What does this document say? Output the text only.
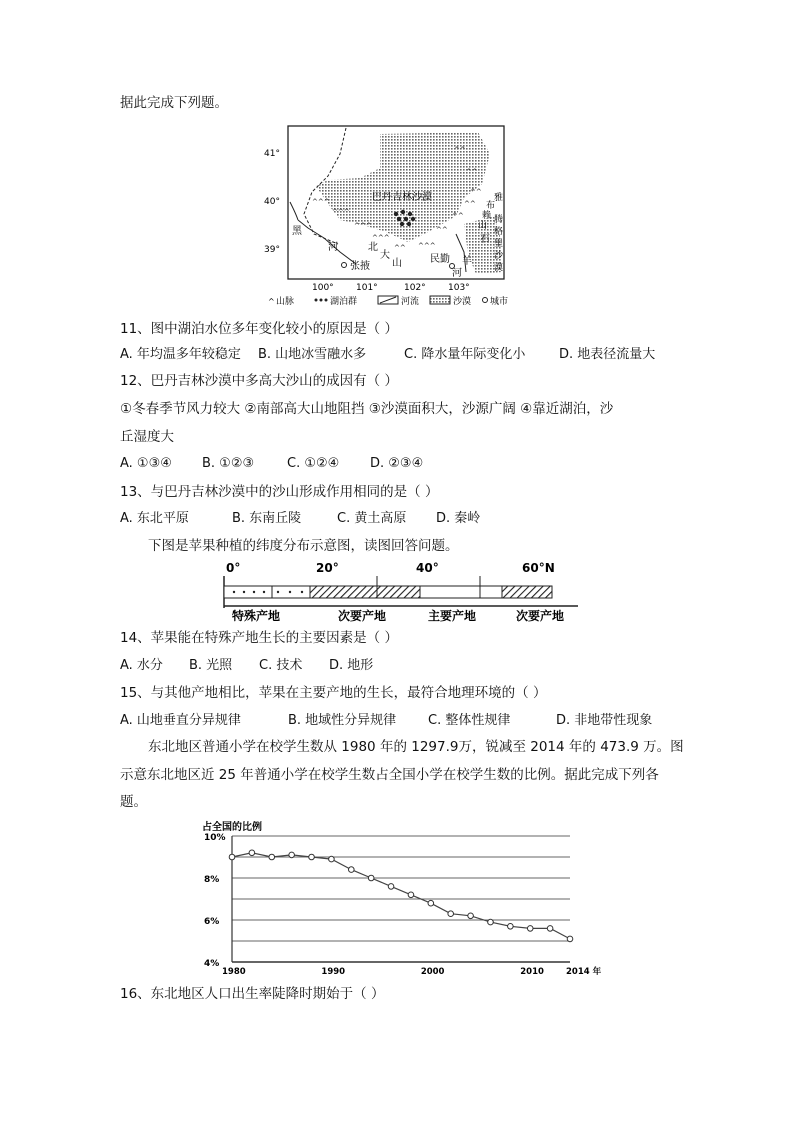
据此完成下列题。
^^^
^^^
^^^
^^^
^^ ^^^
^^
^^
^^
^^
^^
^^
41°
40°
39°
100° 101°	102° 103°
巴丹吉林沙漠
北
大
山
黑
河
张掖
民勤
石
羊
河
雅
布
赖
山
腾
格
里
沙
漠
^ 山脉	湖泊群	河流	沙漠 城市
11、图中湖泊水位多年变化较小的原因是（ ）
A. 年均温多年较稳定 B. 山地冰雪融水多	C. 降水量年际变化小	D. 地表径流量大
12、巴丹吉林沙漠中多高大沙山的成因有（ ）
①冬春季节风力较大 ②南部高大山地阻挡 ③沙漠面积大，沙源广阔 ④靠近湖泊，沙
丘湿度大
A. ①③④ B. ①②③	C. ①②④ D. ②③④
13、与巴丹吉林沙漠中的沙山形成作用相同的是（ ）
A. 东北平原	B. 东南丘陵	C. 黄土高原 D. 秦岭
下图是苹果种植的纬度分布示意图，读图回答问题。
0°	20°	40°	60°N
特殊产地	次要产地	主要产地	次要产地
14、苹果能在特殊产地生长的主要因素是（ ）
A. 水分 B. 光照 C. 技术 D. 地形
15、与其他产地相比，苹果在主要产地的生长，最符合地理环境的（ ）
A. 山地垂直分异规律	B. 地域性分异规律 C. 整体性规律	D. 非地带性现象
东北地区普通小学在校学生数从 1980 年的 1297.9万，锐减至 2014 年的 473.9 万。图
示意东北地区近 25 年普通小学在校学生数占全国小学在校学生数的比例。据此完成下列各
题。
占全国的比例
10%
8%
6%
4%
1980	1990	2000	2010	2014 年
16、东北地区人口出生率陡降时期始于（ ）
